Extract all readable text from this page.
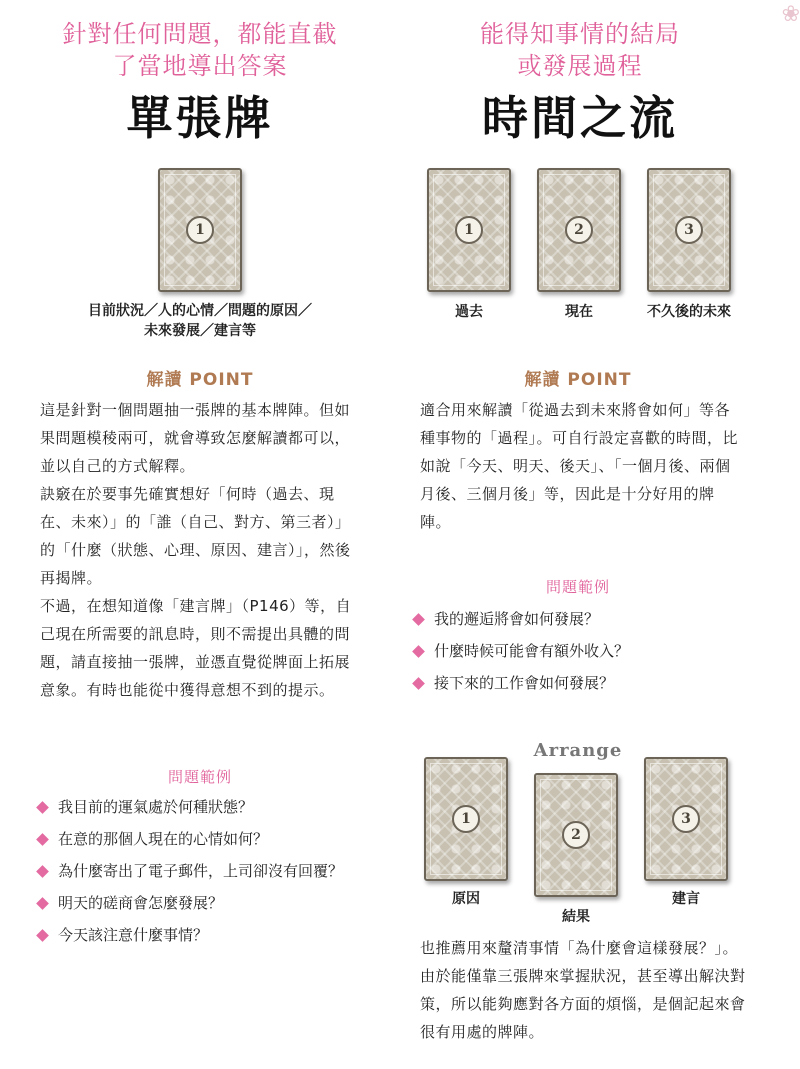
❀
針對任何問題，都能直截
了當地導出答案
單張牌
1
目前狀況／人的心情／問題的原因／
未來發展／建言等
解讀 POINT

這是針對一個問題抽一張牌的基本牌陣。但如果問題模稜兩可，就會導致怎麼解讀都可以，並以自己的方式解釋。

訣竅在於要事先確實想好「何時（過去、現在、未來）」的「誰（自己、對方、第三者）」的「什麼（狀態、心理、原因、建言）」，然後再揭牌。

不過，在想知道像「建言牌」（P146）等，自己現在所需要的訊息時，則不需提出具體的問題，請直接抽一張牌，並憑直覺從牌面上拓展意象。有時也能從中獲得意想不到的提示。

問題範例
我目前的運氣處於何種狀態？
在意的那個人現在的心情如何？
為什麼寄出了電子郵件，上司卻沒有回覆？
明天的磋商會怎麼發展？
今天該注意什麼事情？
能得知事情的結局
或發展過程
時間之流
1	2	3
過去	現在	不久後的未來
解讀 POINT

適合用來解讀「從過去到未來將會如何」等各種事物的「過程」。可自行設定喜歡的時間，比如說「今天、明天、後天」、「一個月後、兩個月後、三個月後」等，因此是十分好用的牌陣。

問題範例
我的邂逅將會如何發展？
什麼時候可能會有額外收入？
接下來的工作會如何發展？
Arrange
1
2
3
原因
結果
建言

也推薦用來釐清事情「為什麼會這樣發展？」。由於能僅靠三張牌來掌握狀況，甚至導出解決對策，所以能夠應對各方面的煩惱，是個記起來會很有用處的牌陣。
